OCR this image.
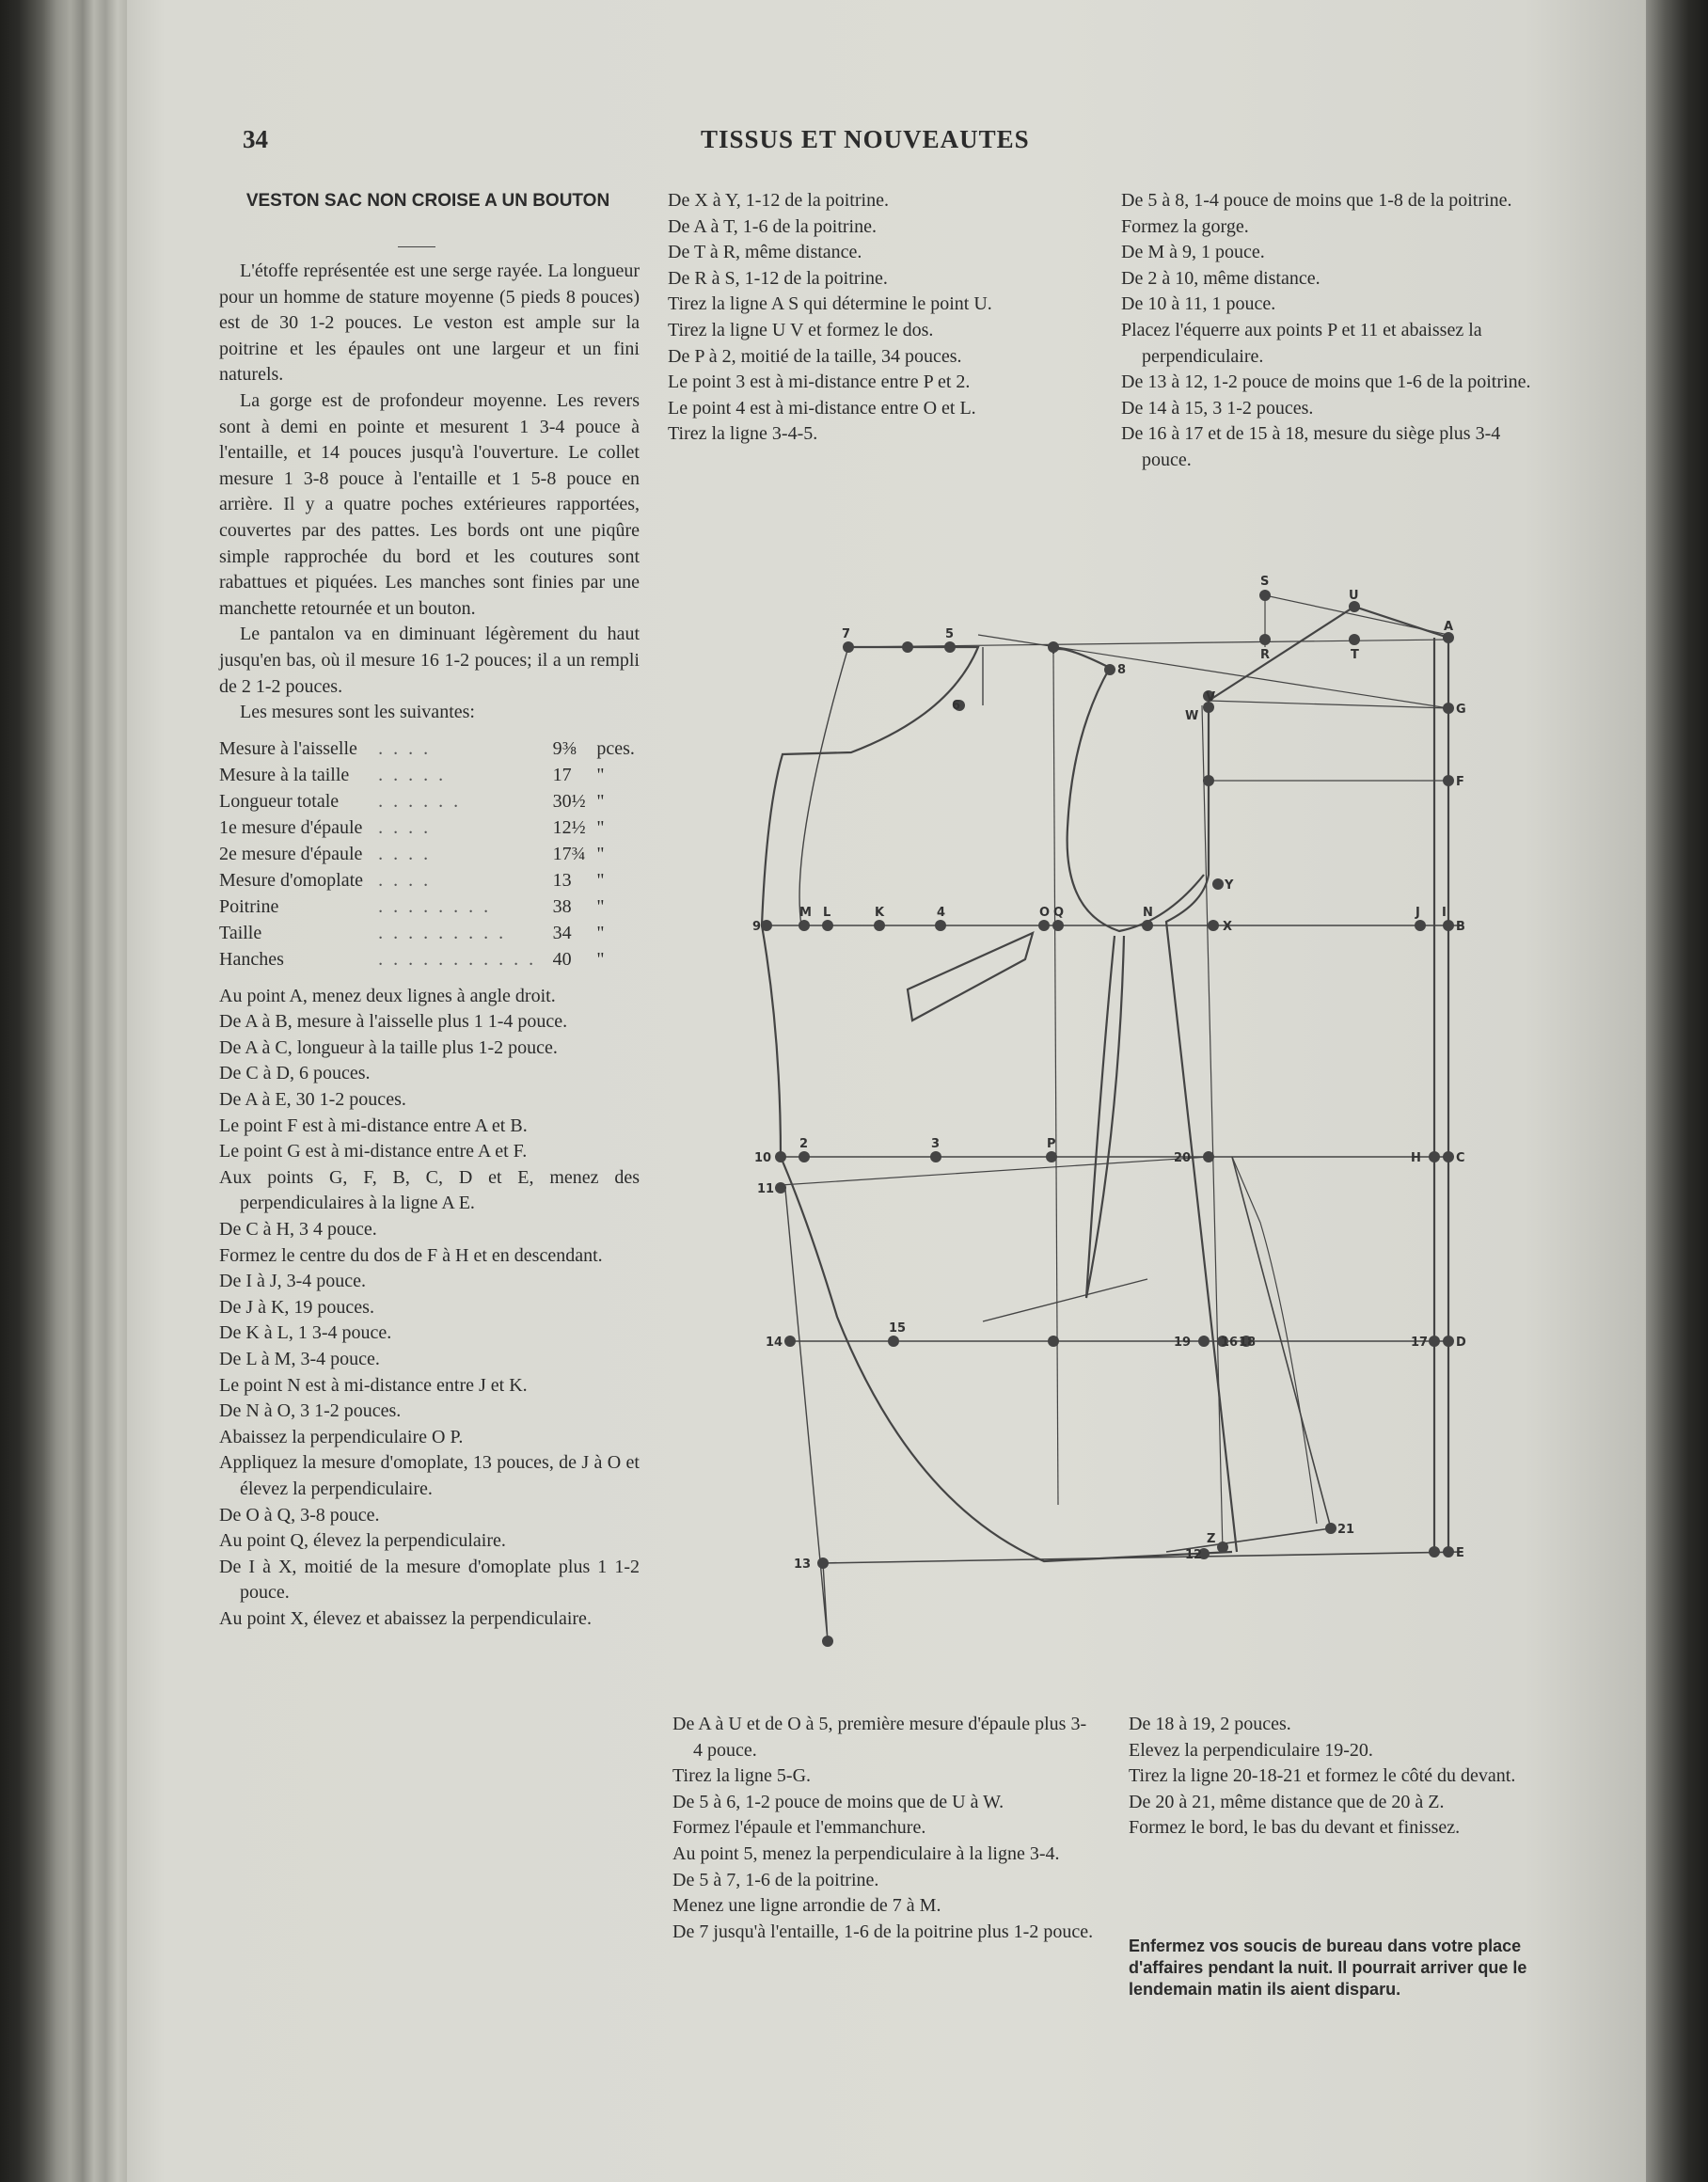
34	TISSUS ET NOUVEAUTES
VESTON SAC NON CROISE A UN BOUTON

L'étoffe représentée est une serge rayée. La longueur pour un homme de stature moyenne (5 pieds 8 pouces) est de 30 1-2 pouces. Le veston est ample sur la poitrine et les épaules ont une largeur et un fini naturels.

La gorge est de profondeur moyenne. Les revers sont à demi en pointe et mesurent 1 3-4 pouce à l'entaille, et 14 pouces jusqu'à l'ouverture. Le collet mesure 1 3-8 pouce à l'entaille et 1 5-8 pouce en arrière. Il y a quatre poches extérieures rapportées, couvertes par des pattes. Les bords ont une piqûre simple rapprochée du bord et les coutures sont rabattues et piquées. Les manches sont finies par une manchette retournée et un bouton.

Le pantalon va en diminuant légèrement du haut jusqu'en bas, où il mesure 16 1-2 pouces; il a un rempli de 2 1-2 pouces.

Les mesures sont les suivantes:

Mesure à l'aisselle	. . . .	9⅜	pces.
Mesure à la taille	. . . . .	17	"
Longueur totale	. . . . . .	30½	"
1e mesure d'épaule	. . . .	12½	"
2e mesure d'épaule	. . . .	17¾	"
Mesure d'omoplate	. . . .	13	"
Poitrine	. . . . . . . .	38	"
Taille	. . . . . . . . .	34	"
Hanches	. . . . . . . . . . .	40	"

Au point A, menez deux lignes à angle droit.

De A à B, mesure à l'aisselle plus 1 1-4 pouce.

De A à C, longueur à la taille plus 1-2 pouce.

De C à D, 6 pouces.

De A à E, 30 1-2 pouces.

Le point F est à mi-distance entre A et B.

Le point G est à mi-distance entre A et F.

Aux points G, F, B, C, D et E, menez des perpendiculaires à la ligne A E.

De C à H, 3 4 pouce.

Formez le centre du dos de F à H et en descendant.

De I à J, 3-4 pouce.

De J à K, 19 pouces.

De K à L, 1 3-4 pouce.

De L à M, 3-4 pouce.

Le point N est à mi-distance entre J et K.

De N à O, 3 1-2 pouces.

Abaissez la perpendiculaire O P.

Appliquez la mesure d'omoplate, 13 pouces, de J à O et élevez la perpendiculaire.

De O à Q, 3-8 pouce.

Au point Q, élevez la perpendiculaire.

De I à X, moitié de la mesure d'omoplate plus 1 1-2 pouce.

Au point X, élevez et abaissez la perpendiculaire.

De X à Y, 1-12 de la poitrine.

De A à T, 1-6 de la poitrine.

De T à R, même distance.

De R à S, 1-12 de la poitrine.

Tirez la ligne A S qui détermine le point U.

Tirez la ligne U V et formez le dos.

De P à 2, moitié de la taille, 34 pouces.

Le point 3 est à mi-distance entre P et 2.

Le point 4 est à mi-distance entre O et L.

Tirez la ligne 3-4-5.

De 5 à 8, 1-4 pouce de moins que 1-8 de la poitrine.

Formez la gorge.

De M à 9, 1 pouce.

De 2 à 10, même distance.

De 10 à 11, 1 pouce.

Placez l'équerre aux points P et 11 et abaissez la perpendiculaire.

De 13 à 12, 1-2 pouce de moins que 1-6 de la poitrine.

De 14 à 15, 3 1-2 pouces.

De 16 à 17 et de 15 à 18, mesure du siège plus 3-4 pouce.

7	5
8
6
S
U
R	T
A
V
W	G
F
Y
9
M L	K	4	O Q	N
X
J I
B
10
2	3	P
20	H	C
11
14
15
19 16 18	17 D
13
Z
21
12	E

De A à U et de O à 5, première mesure d'épaule plus 3-4 pouce.

Tirez la ligne 5-G.

De 5 à 6, 1-2 pouce de moins que de U à W.

Formez l'épaule et l'emmanchure.

Au point 5, menez la perpendiculaire à la ligne 3-4.

De 5 à 7, 1-6 de la poitrine.

Menez une ligne arrondie de 7 à M.

De 7 jusqu'à l'entaille, 1-6 de la poitrine plus 1-2 pouce.

De 18 à 19, 2 pouces.

Elevez la perpendiculaire 19-20.

Tirez la ligne 20-18-21 et formez le côté du devant.

De 20 à 21, même distance que de 20 à Z.

Formez le bord, le bas du devant et finissez.

Enfermez vos soucis de bureau dans votre place d'affaires pendant la nuit. Il pourrait arriver que le lendemain matin ils aient disparu.
